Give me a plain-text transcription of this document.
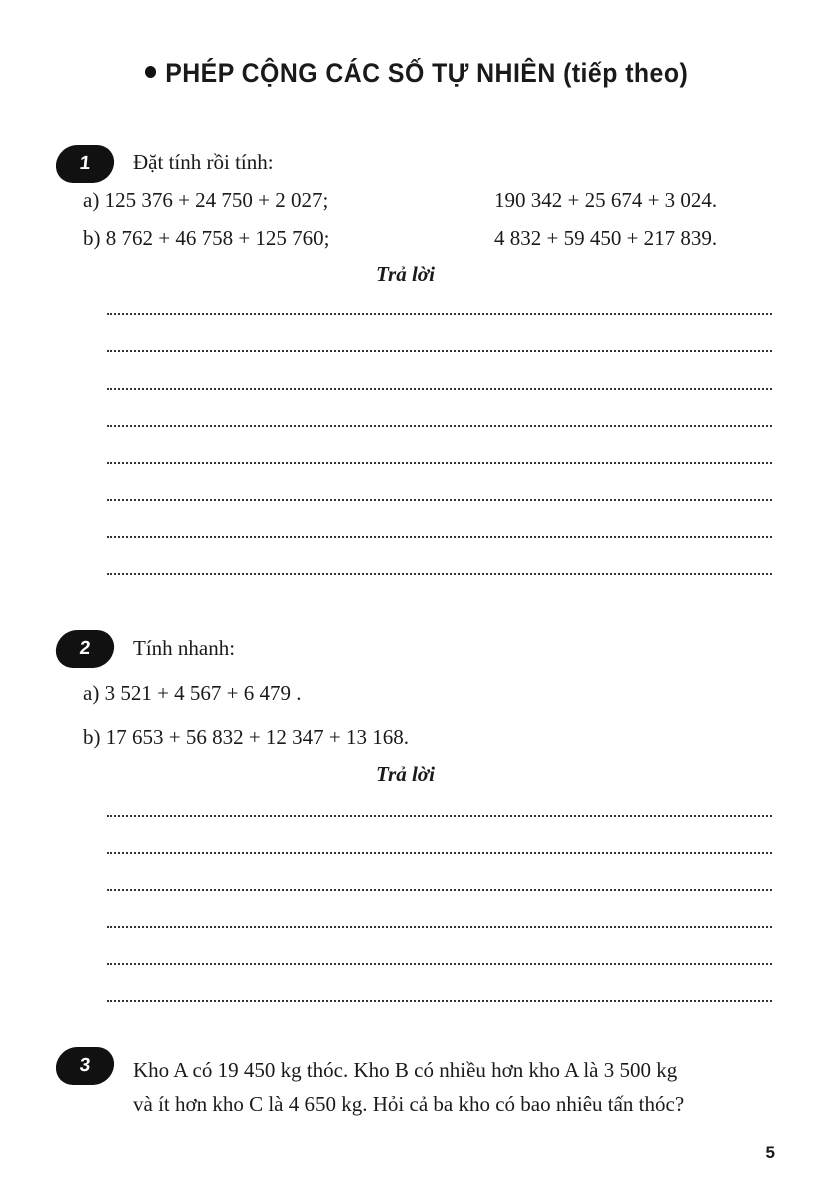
PHÉP CỘNG CÁC SỐ TỰ NHIÊN (tiếp theo)
1 Đặt tính rồi tính:
a) 125 376 + 24 750 + 2 027;	190 342 + 25 674 + 3 024.
b) 8 762 + 46 758 + 125 760;	4 832 + 59 450 + 217 839.
Trả lời
2 Tính nhanh:
a) 3 521 + 4 567 + 6 479 .
b) 17 653 + 56 832 + 12 347 + 13 168.
Trả lời
3 Kho A có 19 450 kg thóc. Kho B có nhiều hơn kho A là 3 500 kg
và ít hơn kho C là 4 650 kg. Hỏi cả ba kho có bao nhiêu tấn thóc?
5
